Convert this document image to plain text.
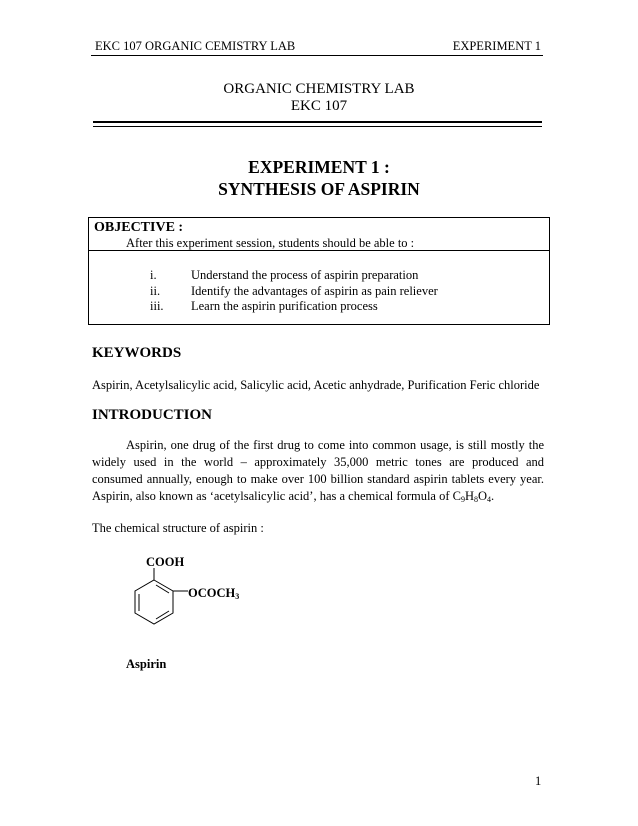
EKC 107 ORGANIC CEMISTRY LAB	EXPERIMENT 1
ORGANIC CHEMISTRY LAB
EKC 107
EXPERIMENT 1 :
SYNTHESIS OF ASPIRIN
OBJECTIVE :
After this experiment session, students should be able to :
i.	Understand the process of aspirin preparation
ii. Identify the advantages of aspirin as pain reliever
iii. Learn the aspirin purification process
KEYWORDS
Aspirin, Acetylsalicylic acid, Salicylic acid, Acetic anhydrade, Purification Feric chloride
INTRODUCTION
Aspirin, one drug of the first drug to come into common usage, is still mostly the
widely used in the world – approximately 35,000 metric tones are produced and
consumed annually, enough to make over 100 billion standard aspirin tablets every year.
Aspirin, also known as ‘acetylsalicylic acid’, has a chemical formula of $C_9H_8O_4$.
The chemical structure of aspirin :
COOH
$OCOCH_3$
Aspirin
1
